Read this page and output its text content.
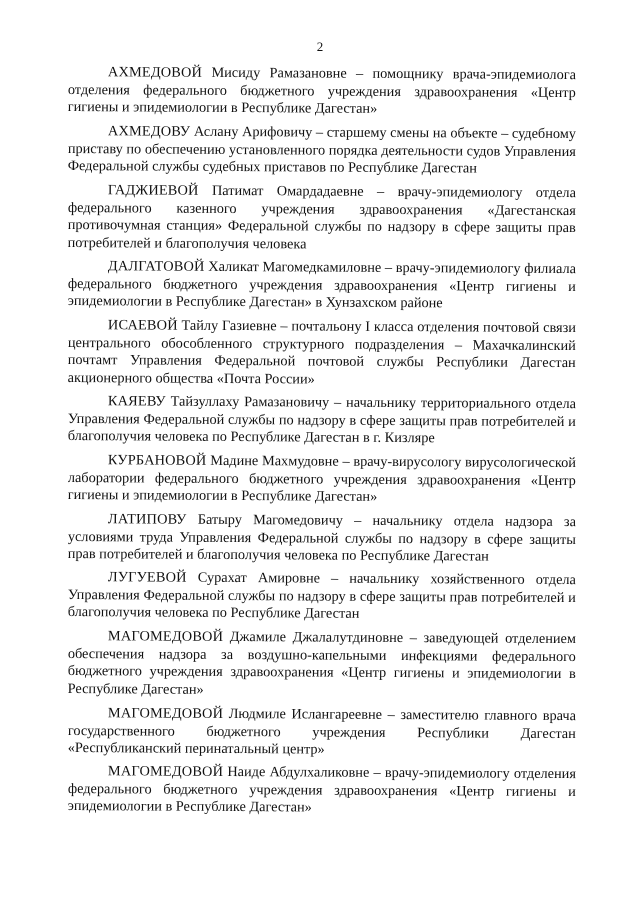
2

АХМЕДОВОЙ Мисиду Рамазановне – помощнику врача-эпидемиолога отделения федерального бюджетного учреждения здравоохранения «Центр гигиены и эпидемиологии в Республике Дагестан»

АХМЕДОВУ Аслану Арифовичу – старшему смены на объекте – судебному приставу по обеспечению установленного порядка деятельности судов Управления Федеральной службы судебных приставов по Республике Дагестан

ГАДЖИЕВОЙ Патимат Омардадаевне – врачу-эпидемиологу отдела федерального казенного учреждения здравоохранения «Дагестанская противочумная станция» Федеральной службы по надзору в сфере защиты прав потребителей и благополучия человека

ДАЛГАТОВОЙ Халикат Магомедкамиловне – врачу-эпидемиологу филиала федерального бюджетного учреждения здравоохранения «Центр гигиены и эпидемиологии в Республике Дагестан» в Хунзахском районе

ИСАЕВОЙ Тайлу Газиевне – почтальону I класса отделения почтовой связи центрального обособленного структурного подразделения – Махачкалинский почтамт Управления Федеральной почтовой службы Республики Дагестан акционерного общества «Почта России»

КАЯЕВУ Тайзуллаху Рамазановичу – начальнику территориального отдела Управления Федеральной службы по надзору в сфере защиты прав потребителей и благополучия человека по Республике Дагестан в г. Кизляре

КУРБАНОВОЙ Мадине Махмудовне – врачу-вирусологу вирусологической лаборатории федерального бюджетного учреждения здравоохранения «Центр гигиены и эпидемиологии в Республике Дагестан»

ЛАТИПОВУ Батыру Магомедовичу – начальнику отдела надзора за условиями труда Управления Федеральной службы по надзору в сфере защиты прав потребителей и благополучия человека по Республике Дагестан

ЛУГУЕВОЙ Сурахат Амировне – начальнику хозяйственного отдела Управления Федеральной службы по надзору в сфере защиты прав потребителей и благополучия человека по Республике Дагестан

МАГОМЕДОВОЙ Джамиле Джалалутдиновне – заведующей отделением обеспечения надзора за воздушно-капельными инфекциями федерального бюджетного учреждения здравоохранения «Центр гигиены и эпидемиологии в Республике Дагестан»

МАГОМЕДОВОЙ Людмиле Ислангареевне – заместителю главного врача государственного бюджетного учреждения Республики Дагестан «Республиканский перинатальный центр»

МАГОМЕДОВОЙ Наиде Абдулхаликовне – врачу-эпидемиологу отделения федерального бюджетного учреждения здравоохранения «Центр гигиены и эпидемиологии в Республике Дагестан»
